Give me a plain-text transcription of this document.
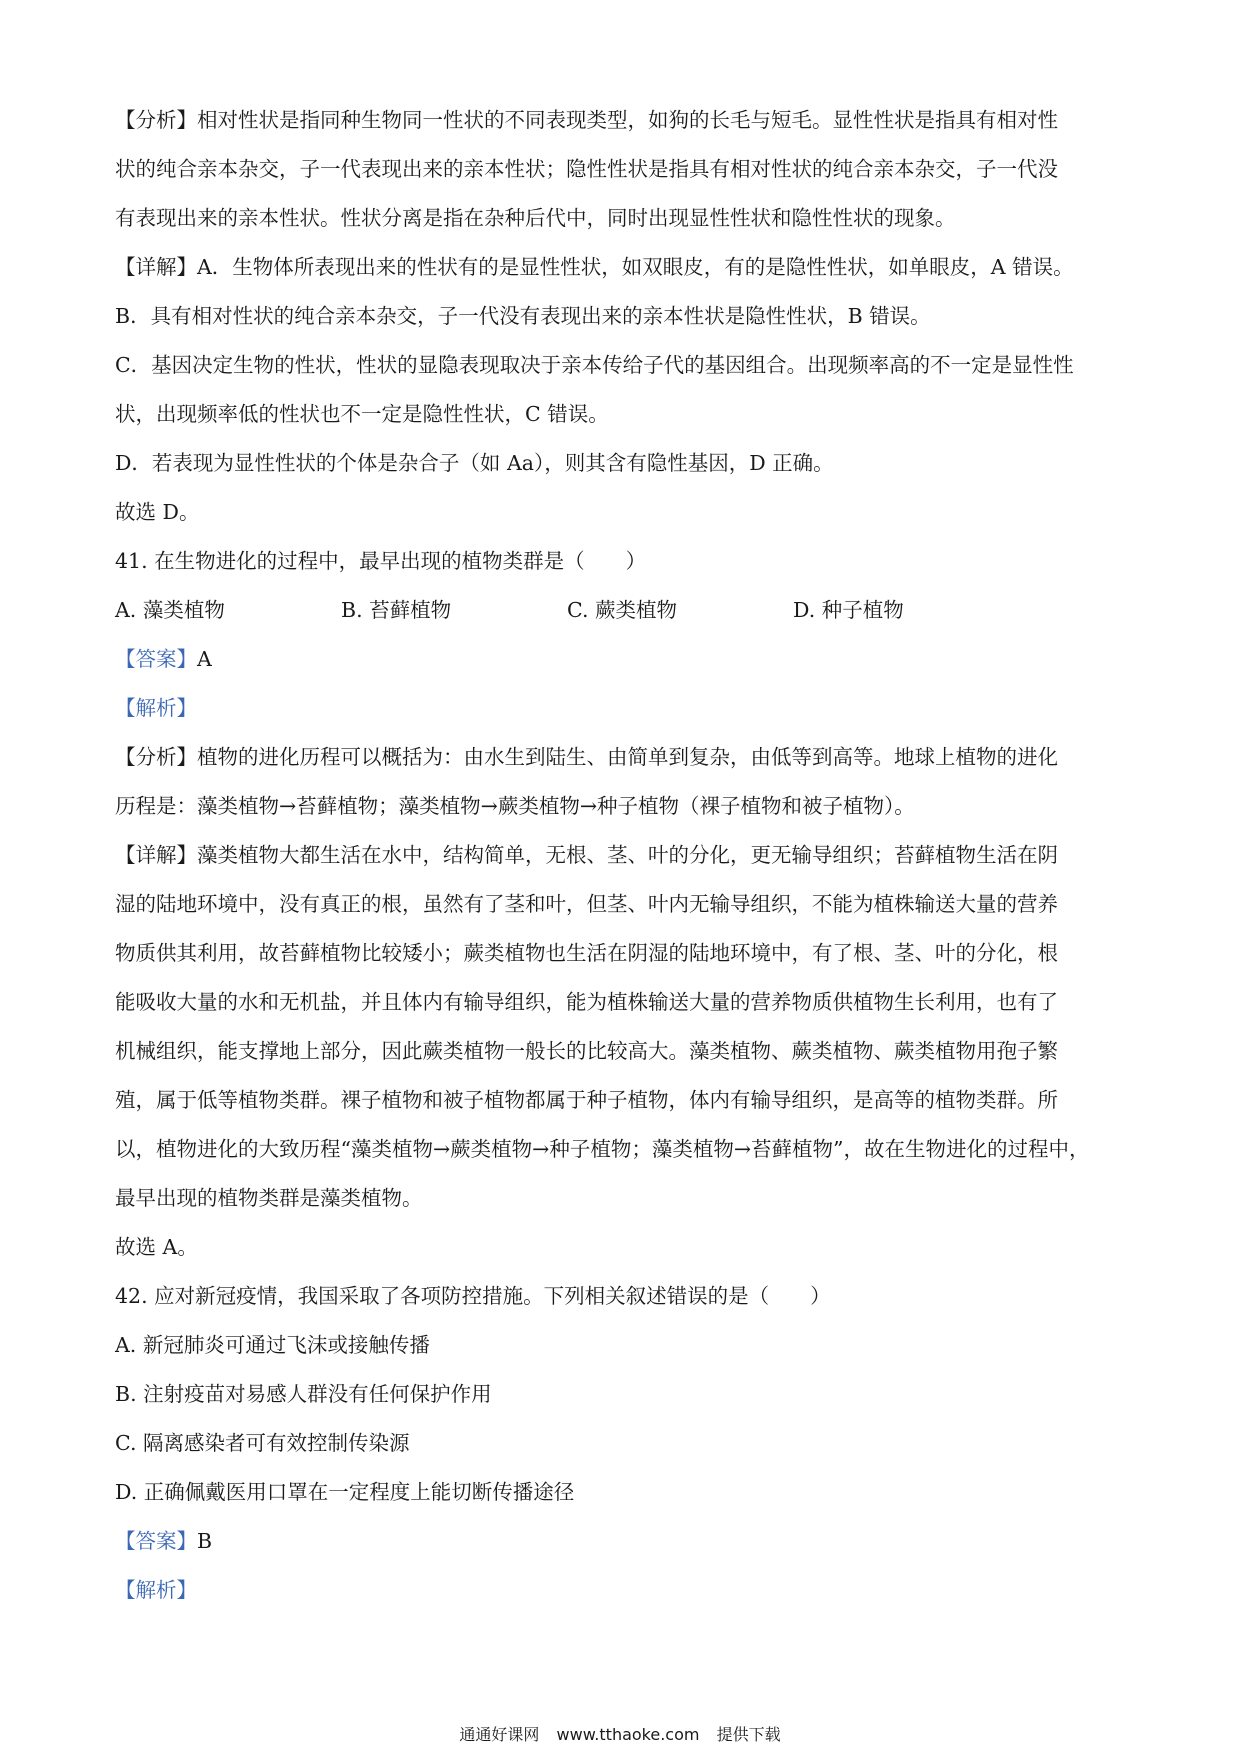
【分析】相对性状是指同种生物同一性状的不同表现类型，如狗的长毛与短毛。显性性状是指具有相对性
状的纯合亲本杂交，子一代表现出来的亲本性状；隐性性状是指具有相对性状的纯合亲本杂交，子一代没
有表现出来的亲本性状。性状分离是指在杂种后代中，同时出现显性性状和隐性性状的现象。
【详解】A．生物体所表现出来的性状有的是显性性状，如双眼皮，有的是隐性性状，如单眼皮，A 错误。
B．具有相对性状的纯合亲本杂交，子一代没有表现出来的亲本性状是隐性性状，B 错误。
C．基因决定生物的性状，性状的显隐表现取决于亲本传给子代的基因组合。出现频率高的不一定是显性性
状，出现频率低的性状也不一定是隐性性状，C 错误。
D．若表现为显性性状的个体是杂合子（如 Aa），则其含有隐性基因，D 正确。
故选 D。
41. 在生物进化的过程中，最早出现的植物类群是（　　）
A. 藻类植物	B. 苔藓植物	C. 蕨类植物	D. 种子植物
【答案】A
【解析】
【分析】植物的进化历程可以概括为：由水生到陆生、由简单到复杂，由低等到高等。地球上植物的进化
历程是：藻类植物→苔藓植物；藻类植物→蕨类植物→种子植物（裸子植物和被子植物）。
【详解】藻类植物大都生活在水中，结构简单，无根、茎、叶的分化，更无输导组织；苔藓植物生活在阴
湿的陆地环境中，没有真正的根，虽然有了茎和叶，但茎、叶内无输导组织，不能为植株输送大量的营养
物质供其利用，故苔藓植物比较矮小；蕨类植物也生活在阴湿的陆地环境中，有了根、茎、叶的分化，根
能吸收大量的水和无机盐，并且体内有输导组织，能为植株输送大量的营养物质供植物生长利用，也有了
机械组织，能支撑地上部分，因此蕨类植物一般长的比较高大。藻类植物、蕨类植物、蕨类植物用孢子繁
殖，属于低等植物类群。裸子植物和被子植物都属于种子植物，体内有输导组织，是高等的植物类群。所
以，植物进化的大致历程“藻类植物→蕨类植物→种子植物；藻类植物→苔藓植物”，故在生物进化的过程中，
最早出现的植物类群是藻类植物。
故选 A。
42. 应对新冠疫情，我国采取了各项防控措施。下列相关叙述错误的是（　　）
A. 新冠肺炎可通过飞沫或接触传播
B. 注射疫苗对易感人群没有任何保护作用
C. 隔离感染者可有效控制传染源
D. 正确佩戴医用口罩在一定程度上能切断传播途径
【答案】B
【解析】
通通好课网 www.tthaoke.com 提供下载
